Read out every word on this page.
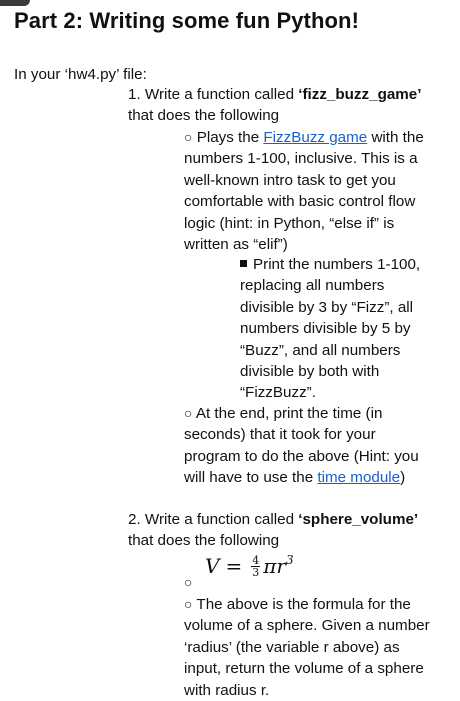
Part 2: Writing some fun Python!
In your ‘hw4.py’ file:
1. Write a function called ‘fizz_buzz_game’
that does the following
○ Plays the FizzBuzz game with the
numbers 1-100, inclusive. This is a
well-known intro task to get you
comfortable with basic control flow
logic (hint: in Python, “else if” is
written as “elif”)
Print the numbers 1-100,
replacing all numbers
divisible by 3 by “Fizz”, all
numbers divisible by 5 by
“Buzz”, and all numbers
divisible by both with
“FizzBuzz”.
○ At the end, print the time (in
seconds) that it took for your
program to do the above (Hint: you
will have to use the time module)
2. Write a function called ‘sphere_volume’
that does the following
$V = \frac{4}{3}$ πr 3
○
○ The above is the formula for the
volume of a sphere. Given a number
‘radius’ (the variable r above) as
input, return the volume of a sphere
with radius r.
